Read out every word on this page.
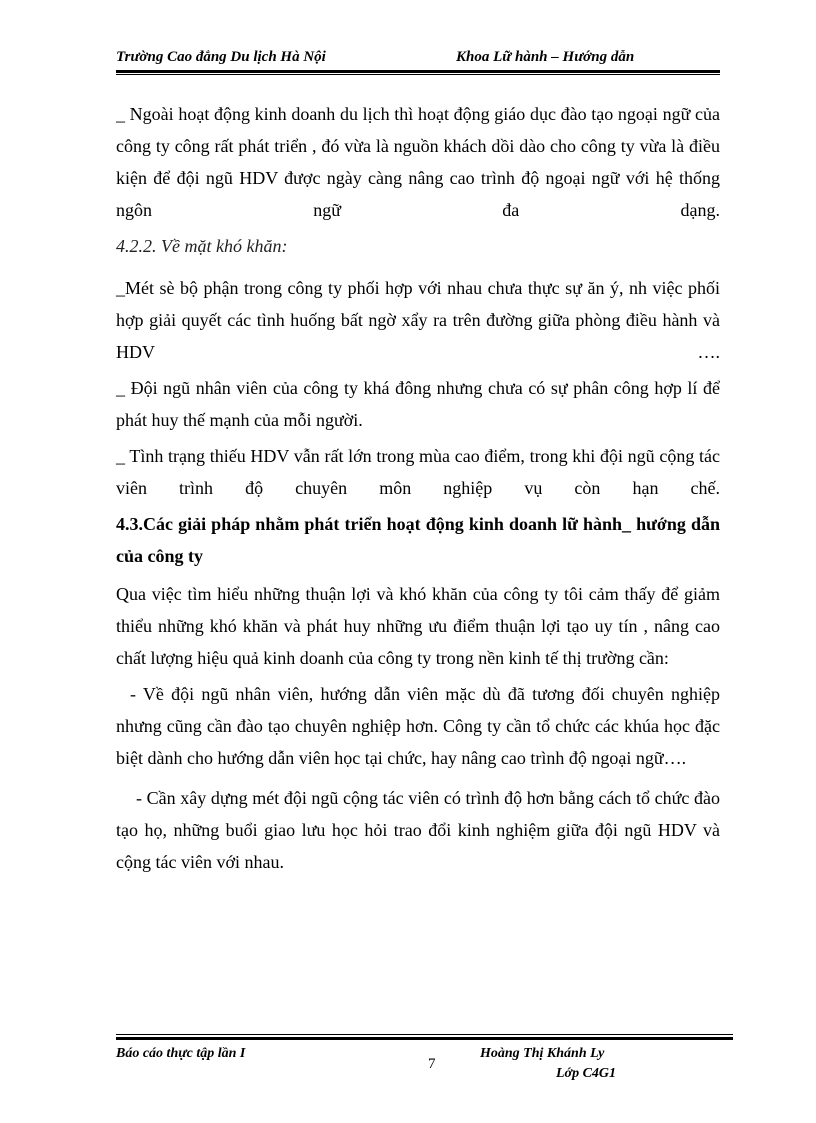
Trường Cao đẳng Du lịch Hà Nội	Khoa Lữ hành – Hướng dẫn

_ Ngoài hoạt động kinh doanh du lịch thì hoạt động giáo dục đào tạo ngoại ngữ của công ty công rất phát triển , đó vừa là nguồn khách dồi dào cho công ty vừa là điều kiện để đội ngũ HDV được ngày càng nâng cao trình độ ngoại ngữ với hệ thống ngôn ngữ đa dạng.

4.2.2. Về mặt khó khăn:

_Mét sè bộ phận trong công ty phối hợp với nhau chưa thực sự ăn ý, nh việc phối hợp giải quyết các tình huống bất ngờ xẩy ra trên đường giữa phòng điều hành và HDV ….

_ Đội ngũ nhân viên của công ty khá đông nhưng chưa có sự phân công hợp lí để phát huy thế mạnh của mỗi người.

_ Tình trạng thiếu HDV vẫn rất lớn trong mùa cao điểm, trong khi đội ngũ cộng tác viên trình độ chuyên môn nghiệp vụ còn hạn chế.

4.3.Các giải pháp nhằm phát triển hoạt động kinh doanh lữ hành_ hướng dẫn của công ty

Qua việc tìm hiểu những thuận lợi và khó khăn của công ty tôi cảm thấy để giảm thiểu những khó khăn và phát huy những ưu điểm thuận lợi tạo uy tín , nâng cao chất lượng hiệu quả kinh doanh của công ty trong nền kinh tế thị trường cần:

- Về đội ngũ nhân viên, hướng dẫn viên mặc dù đã tương đối chuyên nghiệp nhưng cũng cần đào tạo chuyên nghiệp hơn. Công ty cần tổ chức các khúa học đặc biệt dành cho hướng dẫn viên học tại chức, hay nâng cao trình độ ngoại ngữ….

- Cần xây dựng mét đội ngũ cộng tác viên có trình độ hơn bằng cách tổ chức đào tạo họ, những buổi giao lưu học hỏi trao đổi kinh nghiệm giữa đội ngũ HDV và cộng tác viên với nhau.

Báo cáo thực tập lần I
7
Hoàng Thị Khánh Ly
Lớp C4G1
